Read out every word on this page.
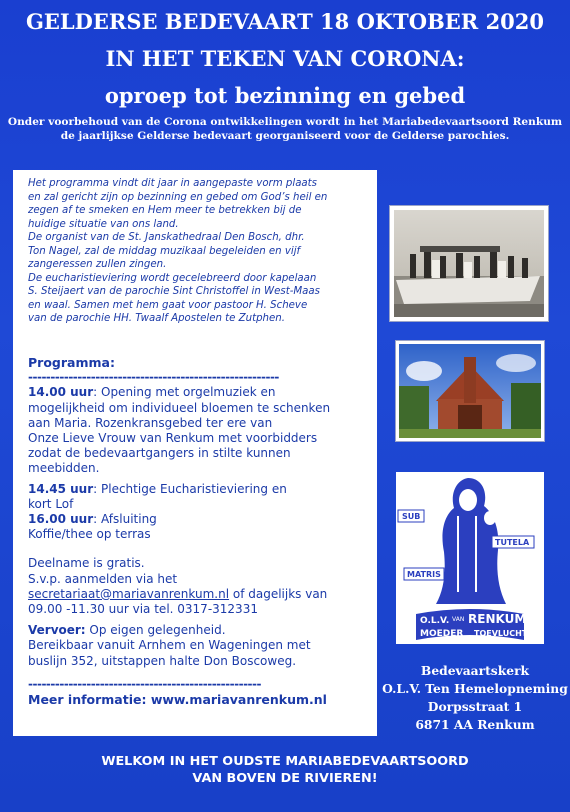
GELDERSE BEDEVAART 18 OKTOBER 2020
IN HET TEKEN VAN CORONA:
oproep tot bezinning en gebed
Onder voorbehoud van de Corona ontwikkelingen wordt in het Mariabedevaartsoord Renkum
de jaarlijkse Gelderse bedevaart georganiseerd voor de Gelderse parochies.
Het programma vindt dit jaar in aangepaste vorm plaats
en zal gericht zijn op bezinning en gebed om God’s heil en
zegen af te smeken en Hem meer te betrekken bij de
huidige situatie van ons land.
De organist van de St. Janskathedraal Den Bosch, dhr.
Ton Nagel, zal de middag muzikaal begeleiden en vijf
zangeressen zullen zingen.
De eucharistieviering wordt gecelebreerd door kapelaan
S. Steijaert van de parochie Sint Christoffel in West-Maas
en waal. Samen met hem gaat voor pastoor H. Scheve
van de parochie HH. Twaalf Apostelen te Zutphen.
Programma:
--------------------------------------------------------
14.00 uur: Opening met orgelmuziek en
mogelijkheid om individueel bloemen te schenken
aan Maria. Rozenkransgebed ter ere van
Onze Lieve Vrouw van Renkum met voorbidders
zodat de bedevaartgangers in stilte kunnen
meebidden.
14.45 uur: Plechtige Eucharistieviering en
kort Lof
16.00 uur: Afsluiting
Koffie/thee op terras
Deelname is gratis.
S.v.p. aanmelden via het
secretariaat@mariavanrenkum.nl of dagelijks van
09.00 -11.30 uur via tel. 0317-312331
Vervoer: Op eigen gelegenheid.
Bereikbaar vanuit Arnhem en Wageningen met
buslijn 352, uitstappen halte Don Boscoweg.
----------------------------------------------------
Meer informatie: www.mariavanrenkum.nl
O.L.V. VAN RENKUM
MOEDER TOEVLUCHT
SUB
TUTELA
MATRIS
Bedevaartskerk
O.L.V. Ten Hemelopneming
Dorpsstraat 1
6871 AA Renkum
WELKOM IN HET OUDSTE MARIABEDEVAARTSOORD
VAN BOVEN DE RIVIEREN!
